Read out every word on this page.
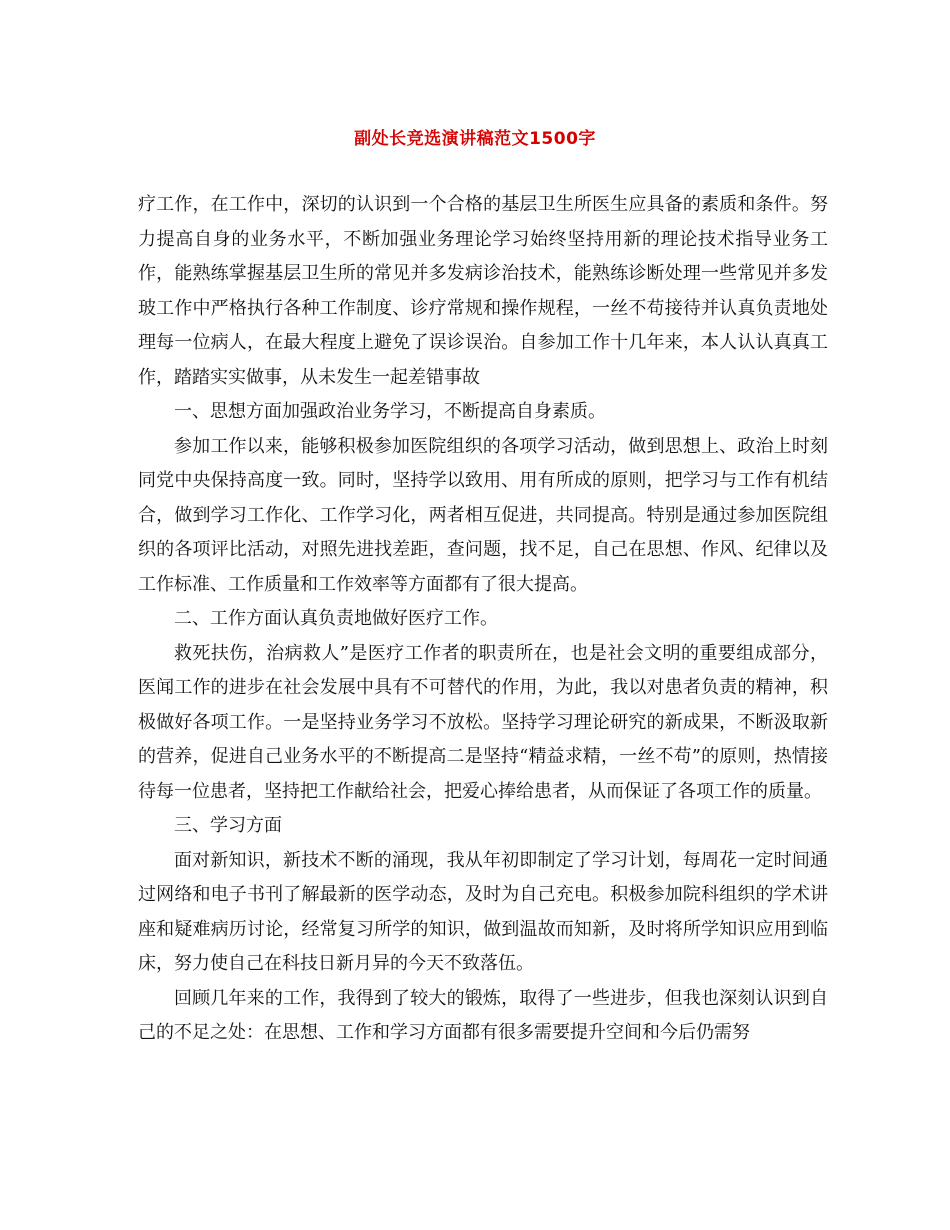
副处长竞选演讲稿范文1500字

疗工作，在工作中，深切的认识到一个合格的基层卫生所医生应具备的素质和条件。努力提高自身的业务水平，不断加强业务理论学习始终坚持用新的理论技术指导业务工作，能熟练掌握基层卫生所的常见并多发病诊治技术，能熟练诊断处理一些常见并多发玻工作中严格执行各种工作制度、诊疗常规和操作规程，一丝不苟接待并认真负责地处理每一位病人，在最大程度上避免了误诊误治。自参加工作十几年来，本人认认真真工作，踏踏实实做事，从未发生一起差错事故

一、思想方面加强政治业务学习，不断提高自身素质。

参加工作以来，能够积极参加医院组织的各项学习活动，做到思想上、政治上时刻同党中央保持高度一致。同时，坚持学以致用、用有所成的原则，把学习与工作有机结合，做到学习工作化、工作学习化，两者相互促进，共同提高。特别是通过参加医院组织的各项评比活动，对照先进找差距，查问题，找不足，自己在思想、作风、纪律以及工作标准、工作质量和工作效率等方面都有了很大提高。

二、工作方面认真负责地做好医疗工作。

救死扶伤，治病救人”是医疗工作者的职责所在，也是社会文明的重要组成部分，医闻工作的进步在社会发展中具有不可替代的作用，为此，我以对患者负责的精神，积极做好各项工作。一是坚持业务学习不放松。坚持学习理论研究的新成果，不断汲取新的营养，促进自己业务水平的不断提高二是坚持“精益求精，一丝不苟”的原则，热情接待每一位患者，坚持把工作献给社会，把爱心捧给患者，从而保证了各项工作的质量。

三、学习方面

面对新知识，新技术不断的涌现，我从年初即制定了学习计划，每周花一定时间通过网络和电子书刊了解最新的医学动态，及时为自己充电。积极参加院科组织的学术讲座和疑难病历讨论，经常复习所学的知识，做到温故而知新，及时将所学知识应用到临床，努力使自己在科技日新月异的今天不致落伍。

回顾几年来的工作，我得到了较大的锻炼，取得了一些进步，但我也深刻认识到自己的不足之处：在思想、工作和学习方面都有很多需要提升空间和今后仍需努
